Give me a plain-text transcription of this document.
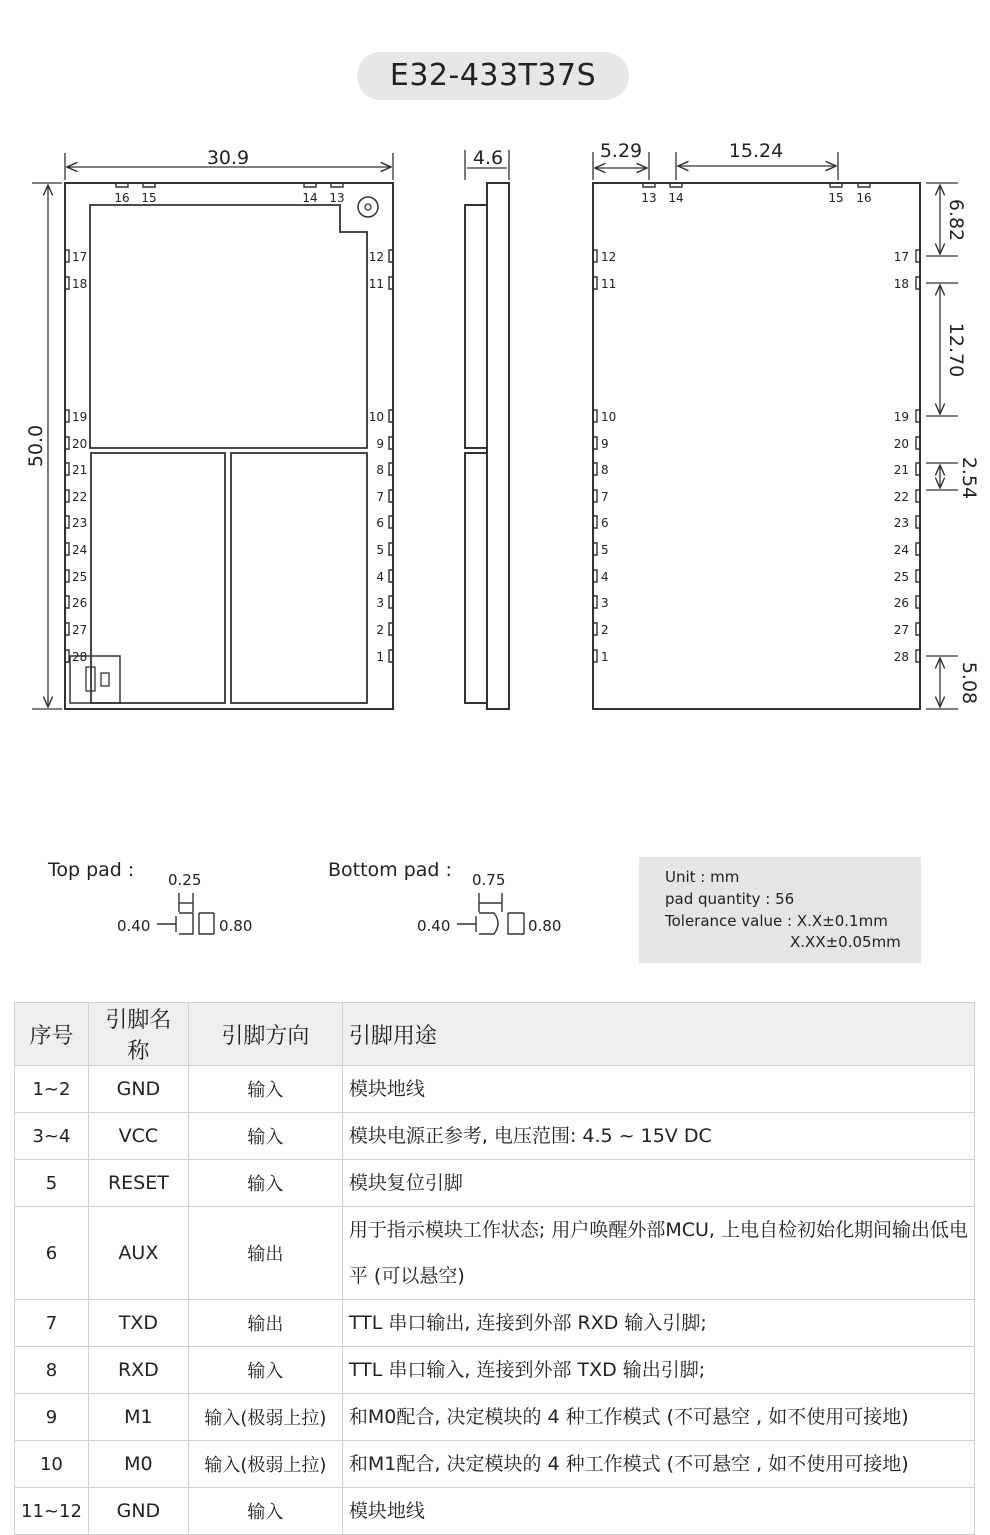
E32-433T37S
16 15	14 13
17
18
19
20
21
22
23
24
25
26
27
28
12
11
10
9
8
7
6
5
4
3
2
1
30.9
50.0
4.6
13 14	15 16
12
11
10
9
8
7
6
5
4
3
2
1
17
18
19
20
21
22
23
24
25
26
27
28
5.29	15.24
6.82
12.70
2.54
5.08
Top pad : 0.25
0.40	0.80
Bottom pad : 0.75
0.40	0.80
Unit : mm
pad quantity : 56
Tolerance value : X.X±0.1mm
X.XX±0.05mm
序号	引脚名称	引脚方向	引脚用途
1~2	GND	输入	模块地线
3~4	VCC	输入	模块电源正参考, 电压范围: 4.5 ~ 15V DC
5	RESET	输入	模块复位引脚
6	AUX	输出	用于指示模块工作状态; 用户唤醒外部MCU, 上电自检初始化期间输出低电平 (可以悬空)
7	TXD	输出	TTL 串口输出, 连接到外部 RXD 输入引脚;
8	RXD	输入	TTL 串口输入, 连接到外部 TXD 输出引脚;
9	M1	输入(极弱上拉)	和M0配合, 决定模块的 4 种工作模式 (不可悬空 , 如不使用可接地)
10	M0	输入(极弱上拉)	和M1配合, 决定模块的 4 种工作模式 (不可悬空 , 如不使用可接地)
11~12	GND	输入	模块地线
